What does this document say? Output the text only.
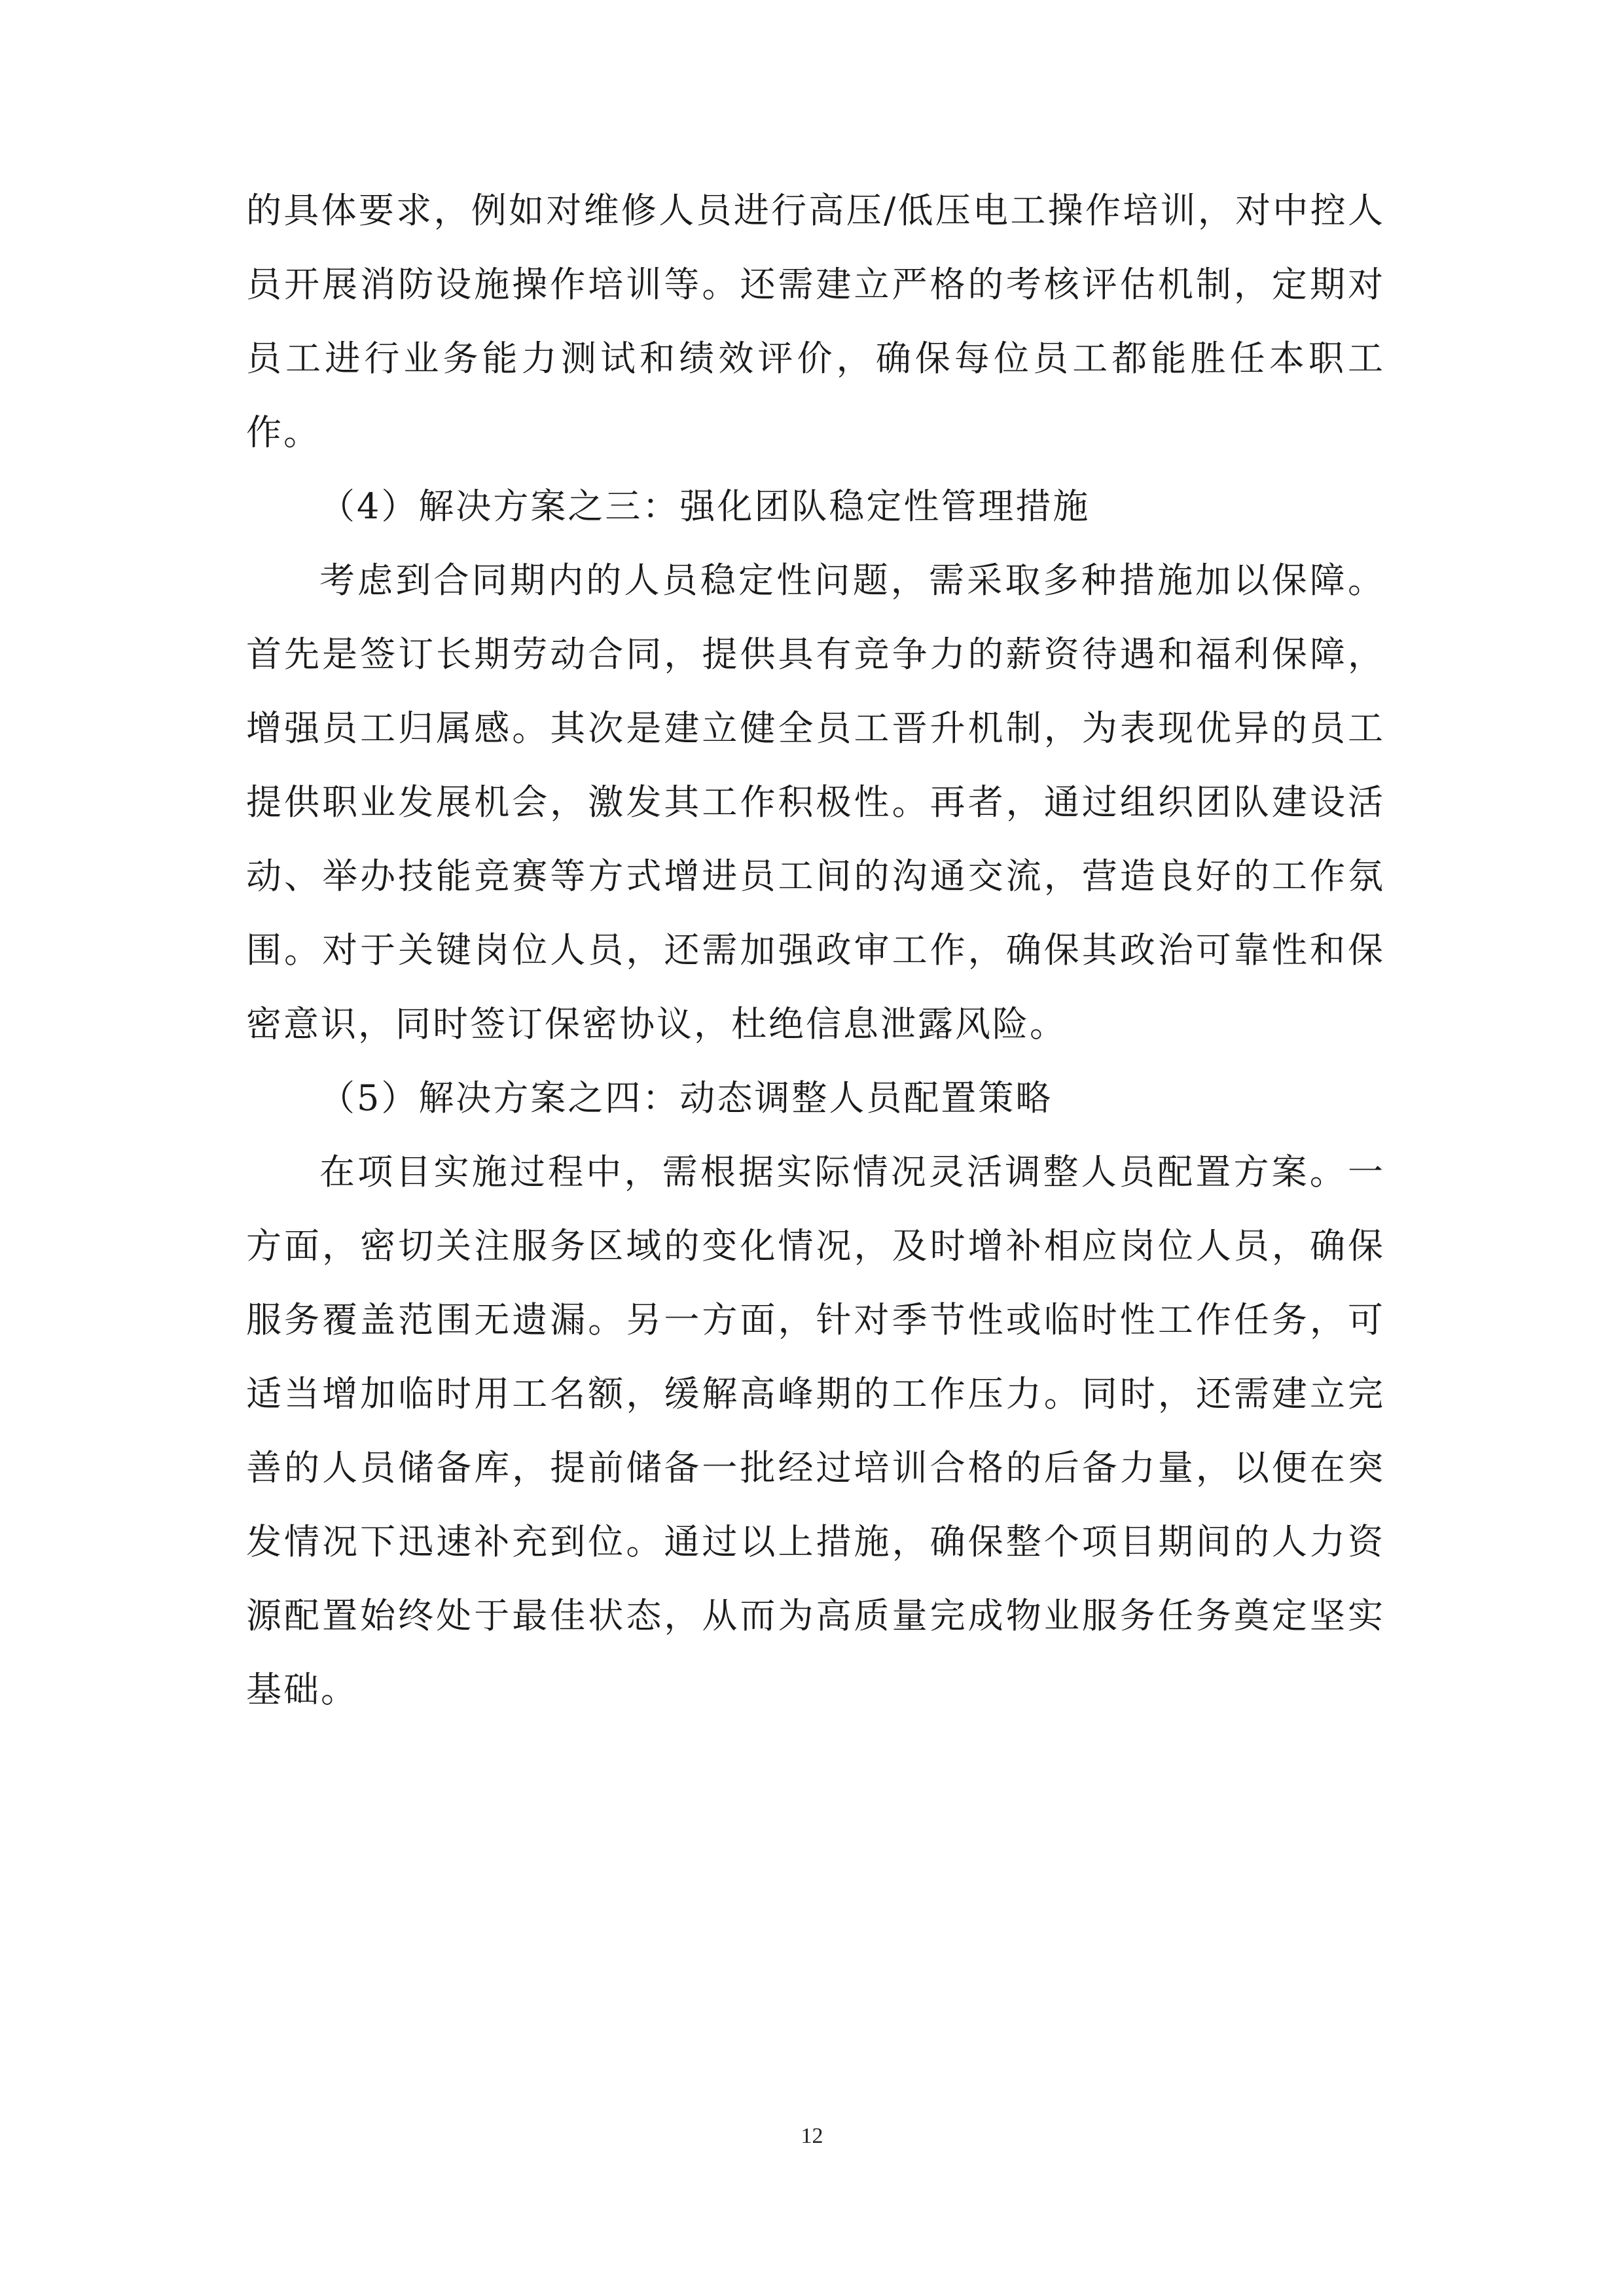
的具体要求，例如对维修人员进行高压/低压电工操作培训，对中控人员开展消防设施操作培训等。还需建立严格的考核评估机制，定期对员工进行业务能力测试和绩效评价，确保每位员工都能胜任本职工作。

（4）解决方案之三：强化团队稳定性管理措施

考虑到合同期内的人员稳定性问题，需采取多种措施加以保障。首先是签订长期劳动合同，提供具有竞争力的薪资待遇和福利保障，增强员工归属感。其次是建立健全员工晋升机制，为表现优异的员工提供职业发展机会，激发其工作积极性。再者，通过组织团队建设活动、举办技能竞赛等方式增进员工间的沟通交流，营造良好的工作氛围。对于关键岗位人员，还需加强政审工作，确保其政治可靠性和保密意识，同时签订保密协议，杜绝信息泄露风险。

（5）解决方案之四：动态调整人员配置策略

在项目实施过程中，需根据实际情况灵活调整人员配置方案。一方面，密切关注服务区域的变化情况，及时增补相应岗位人员，确保服务覆盖范围无遗漏。另一方面，针对季节性或临时性工作任务，可适当增加临时用工名额，缓解高峰期的工作压力。同时，还需建立完善的人员储备库，提前储备一批经过培训合格的后备力量，以便在突发情况下迅速补充到位。通过以上措施，确保整个项目期间的人力资源配置始终处于最佳状态，从而为高质量完成物业服务任务奠定坚实基础。

12
